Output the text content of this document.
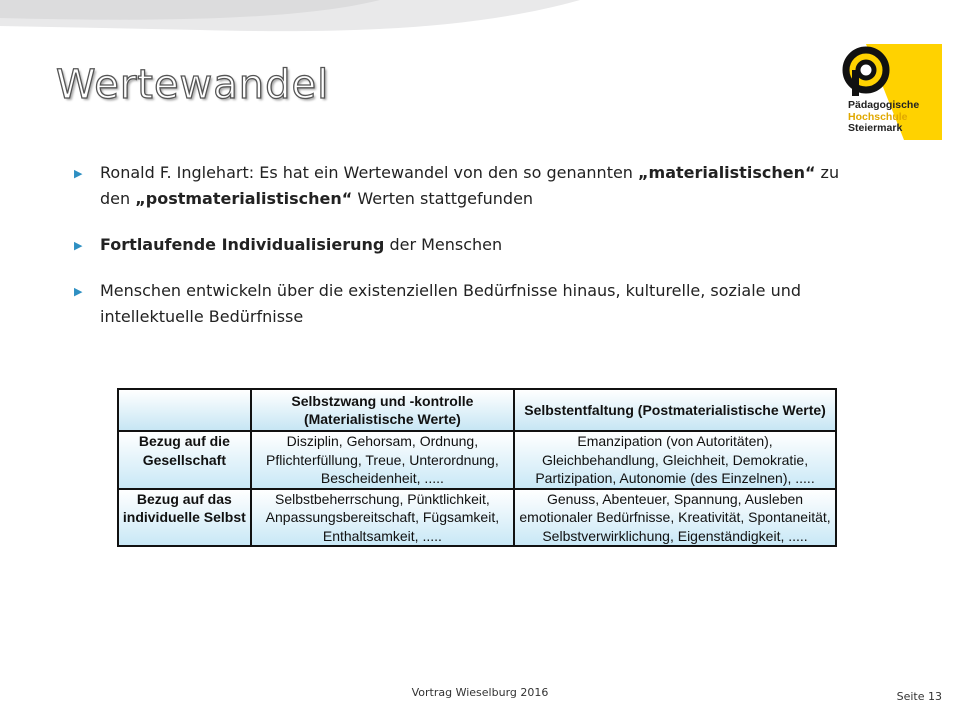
Wertewandel	Pädagogische
Hochschule
Steiermark
▶ Ronald F. Inglehart: Es hat ein Wertewandel von den so genannten „materialistischen“ zu den „postmaterialistischen“ Werten stattgefunden
▶ Fortlaufende Individualisierung der Menschen
▶ Menschen entwickeln über die existenziellen Bedürfnisse hinaus, kulturelle, soziale und intellektuelle Bedürfnisse
	Selbstzwang und -kontrolle (Materialistische Werte)	Selbstentfaltung (Postmaterialistische Werte)
Bezug auf die Gesellschaft	Disziplin, Gehorsam, Ordnung, Pflichterfüllung, Treue, Unterordnung, Bescheidenheit, .....	Emanzipation (von Autoritäten), Gleichbehandlung, Gleichheit, Demokratie, Partizipation, Autonomie (des Einzelnen), .....
Bezug auf das individuelle Selbst	Selbstbeherrschung, Pünktlichkeit, Anpassungsbereitschaft, Fügsamkeit, Enthaltsamkeit, .....	Genuss, Abenteuer, Spannung, Ausleben emotionaler Bedürfnisse, Kreativität, Spontaneität, Selbstverwirklichung, Eigenständigkeit, .....
Vortrag Wieselburg 2016	Seite 13
